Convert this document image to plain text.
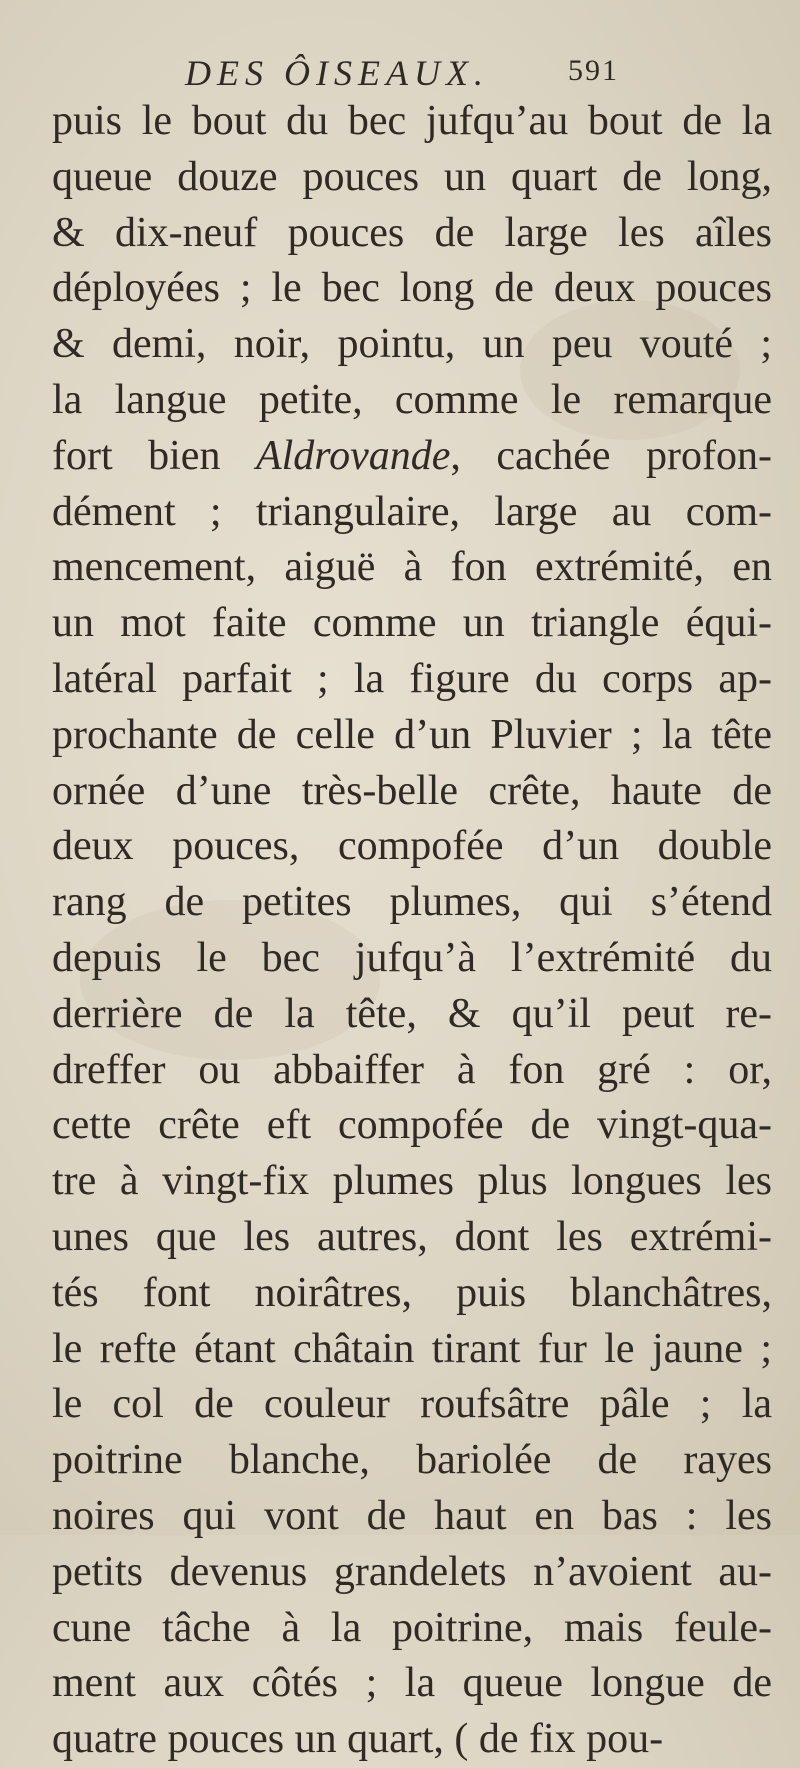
DES ÔISEAUX.	591
puis le bout du bec jufqu’au bout de la
queue douze pouces un quart de long,
& dix-neuf pouces de large les aîles
déployées ; le bec long de deux pouces
& demi, noir, pointu, un peu vouté ;
la langue petite, comme le remarque
fort bien Aldrovande, cachée profon-
dément ; triangulaire, large au com-
mencement, aiguë à fon extrémité, en
un mot faite comme un triangle équi-
latéral parfait ; la figure du corps ap-
prochante de celle d’un Pluvier ; la tête
ornée d’une très-belle crête, haute de
deux pouces, compofée d’un double
rang de petites plumes, qui s’étend
depuis le bec jufqu’à l’extrémité du
derrière de la tête, & qu’il peut re-
dreffer ou abbaiffer à fon gré : or,
cette crête eft compofée de vingt-qua-
tre à vingt-fix plumes plus longues les
unes que les autres, dont les extrémi-
tés font noirâtres, puis blanchâtres,
le refte étant châtain tirant fur le jaune ;
le col de couleur roufsâtre pâle ; la
poitrine blanche, bariolée de rayes
noires qui vont de haut en bas : les
petits devenus grandelets n’avoient au-
cune tâche à la poitrine, mais feule-
ment aux côtés ; la queue longue de
quatre pouces un quart, ( de fix pou-
